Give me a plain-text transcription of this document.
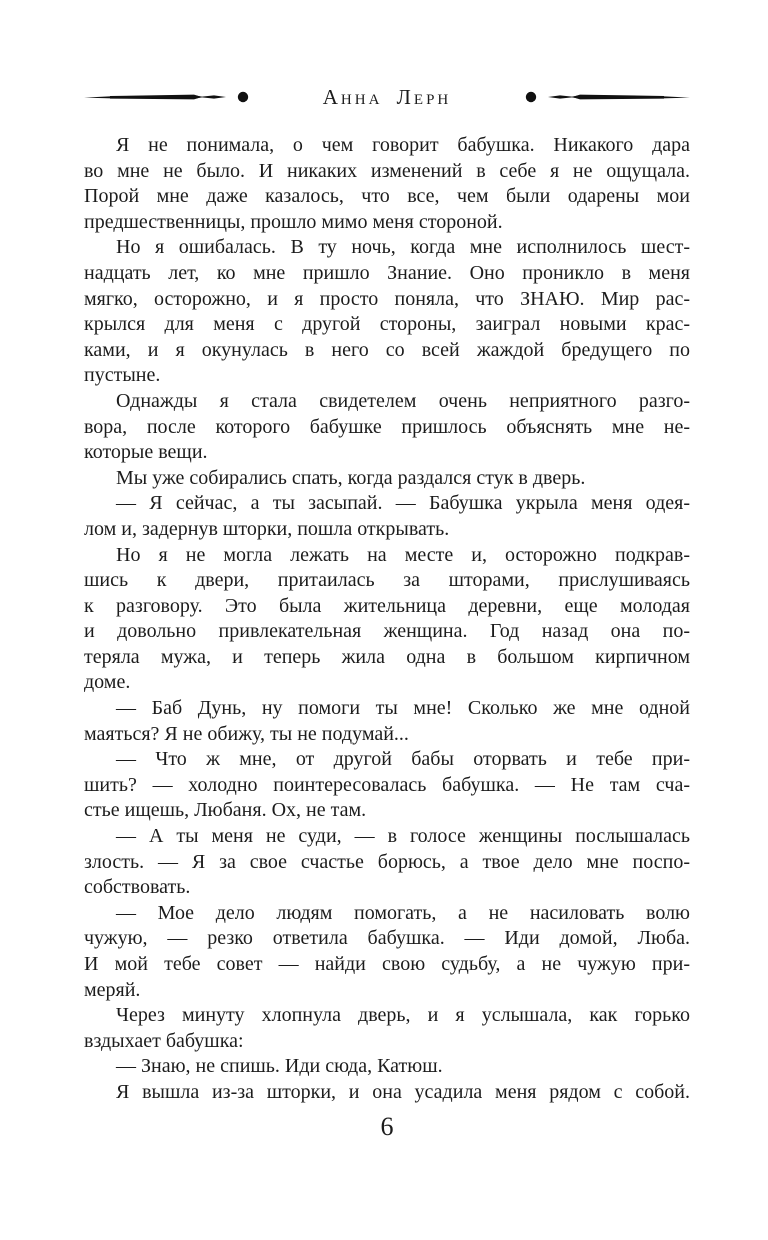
Анна Лерн
Я не понимала, о чем говорит бабушка. Никакого дара
во мне не было. И никаких изменений в себе я не ощущала.
Порой мне даже казалось, что все, чем были одарены мои
предшественницы, прошло мимо меня стороной.
Но я ошибалась. В ту ночь, когда мне исполнилось шест-
надцать лет, ко мне пришло Знание. Оно проникло в меня
мягко, осторожно, и я просто поняла, что ЗНАЮ. Мир рас-
крылся для меня с другой стороны, заиграл новыми крас-
ками, и я окунулась в него со всей жаждой бредущего по
пустыне.
Однажды я стала свидетелем очень неприятного разго-
вора, после которого бабушке пришлось объяснять мне не-
которые вещи.
Мы уже собирались спать, когда раздался стук в дверь.
— Я сейчас, а ты засыпай. — Бабушка укрыла меня одея-
лом и, задернув шторки, пошла открывать.
Но я не могла лежать на месте и, осторожно подкрав-
шись к двери, притаилась за шторами, прислушиваясь
к разговору. Это была жительница деревни, еще молодая
и довольно привлекательная женщина. Год назад она по-
теряла мужа, и теперь жила одна в большом кирпичном
доме.
— Баб Дунь, ну помоги ты мне! Сколько же мне одной
маяться? Я не обижу, ты не подумай...
— Что ж мне, от другой бабы оторвать и тебе при-
шить? — холодно поинтересовалась бабушка. — Не там сча-
стье ищешь, Любаня. Ох, не там.
— А ты меня не суди, — в голосе женщины послышалась
злость. — Я за свое счастье борюсь, а твое дело мне поспо-
собствовать.
— Мое дело людям помогать, а не насиловать волю
чужую, — резко ответила бабушка. — Иди домой, Люба.
И мой тебе совет — найди свою судьбу, а не чужую при-
меряй.
Через минуту хлопнула дверь, и я услышала, как горько
вздыхает бабушка:
— Знаю, не спишь. Иди сюда, Катюш.
Я вышла из-за шторки, и она усадила меня рядом с собой.
6
